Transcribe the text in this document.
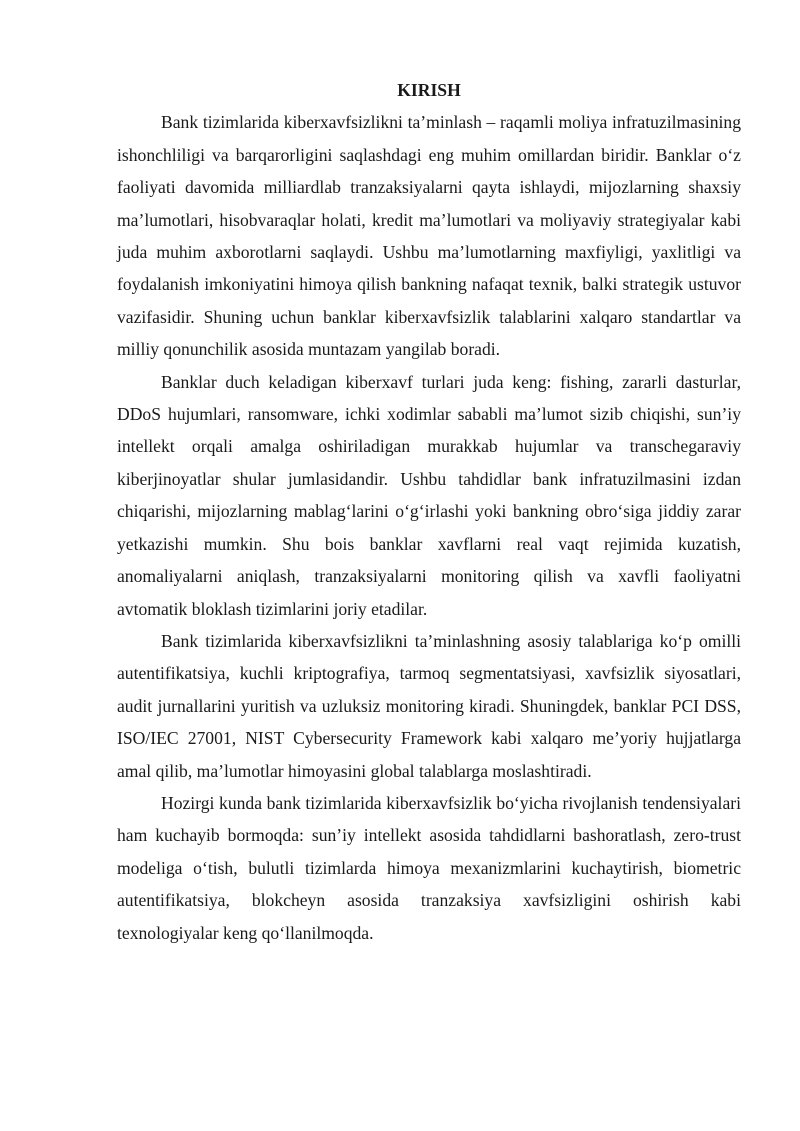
KIRISH

Bank tizimlarida kiberxavfsizlikni ta’minlash – raqamli moliya infratuzilmasining ishonchliligi va barqarorligini saqlashdagi eng muhim omillardan biridir. Banklar o‘z faoliyati davomida milliardlab tranzaksiyalarni qayta ishlaydi, mijozlarning shaxsiy ma’lumotlari, hisobvaraqlar holati, kredit ma’lumotlari va moliyaviy strategiyalar kabi juda muhim axborotlarni saqlaydi. Ushbu ma’lumotlarning maxfiyligi, yaxlitligi va foydalanish imkoniyatini himoya qilish bankning nafaqat texnik, balki strategik ustuvor vazifasidir. Shuning uchun banklar kiberxavfsizlik talablarini xalqaro standartlar va milliy qonunchilik asosida muntazam yangilab boradi.

Banklar duch keladigan kiberxavf turlari juda keng: fishing, zararli dasturlar, DDoS hujumlari, ransomware, ichki xodimlar sababli ma’lumot sizib chiqishi, sun’iy intellekt orqali amalga oshiriladigan murakkab hujumlar va transchegaraviy kiberjinoyatlar shular jumlasidandir. Ushbu tahdidlar bank infratuzilmasini izdan chiqarishi, mijozlarning mablag‘larini o‘g‘irlashi yoki bankning obro‘siga jiddiy zarar yetkazishi mumkin. Shu bois banklar xavflarni real vaqt rejimida kuzatish, anomaliyalarni aniqlash, tranzaksiyalarni monitoring qilish va xavfli faoliyatni avtomatik bloklash tizimlarini joriy etadilar.

Bank tizimlarida kiberxavfsizlikni ta’minlashning asosiy talablariga ko‘p omilli autentifikatsiya, kuchli kriptografiya, tarmoq segmentatsiyasi, xavfsizlik siyosatlari, audit jurnallarini yuritish va uzluksiz monitoring kiradi. Shuningdek, banklar PCI DSS, ISO/IEC 27001, NIST Cybersecurity Framework kabi xalqaro me’yoriy hujjatlarga amal qilib, ma’lumotlar himoyasini global talablarga moslashtiradi.

Hozirgi kunda bank tizimlarida kiberxavfsizlik bo‘yicha rivojlanish tendensiyalari ham kuchayib bormoqda: sun’iy intellekt asosida tahdidlarni bashoratlash, zero-trust modeliga o‘tish, bulutli tizimlarda himoya mexanizmlarini kuchaytirish, biometric autentifikatsiya, blokcheyn asosida tranzaksiya xavfsizligini oshirish kabi texnologiyalar keng qo‘llanilmoqda.
